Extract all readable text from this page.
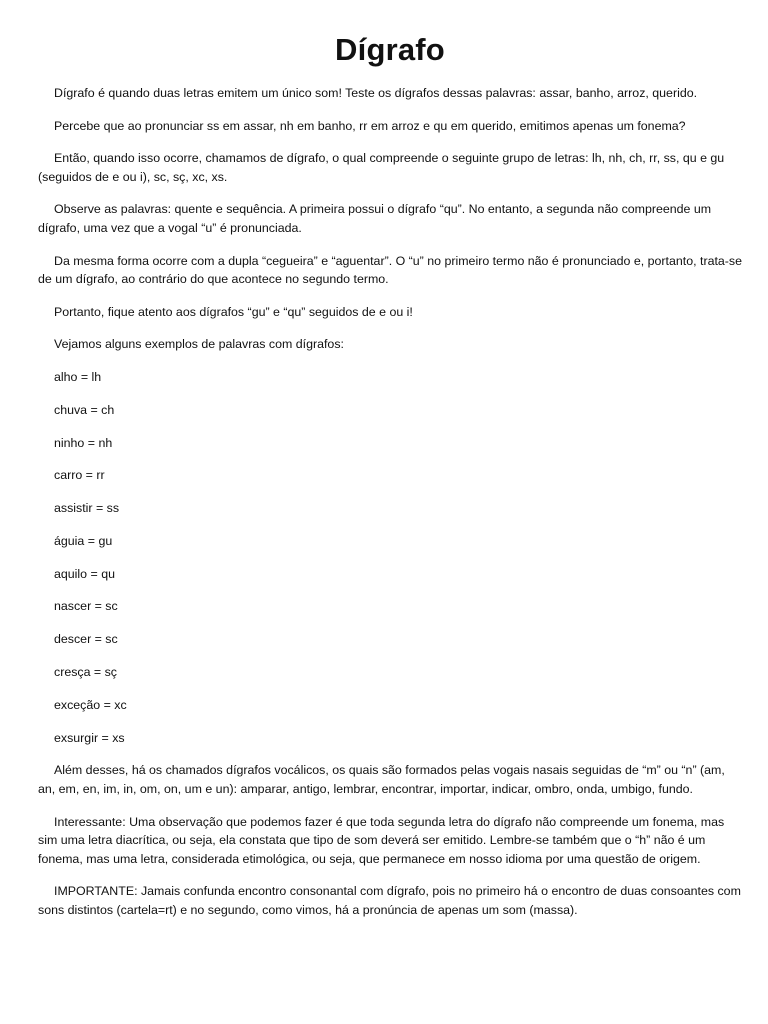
Dígrafo

Dígrafo é quando duas letras emitem um único som! Teste os dígrafos dessas palavras: assar, banho, arroz, querido.

Percebe que ao pronunciar ss em assar, nh em banho, rr em arroz e qu em querido, emitimos apenas um fonema?

Então, quando isso ocorre, chamamos de dígrafo, o qual compreende o seguinte grupo de letras: lh, nh, ch, rr, ss, qu e gu (seguidos de e ou i), sc, sç, xc, xs.

Observe as palavras: quente e sequência. A primeira possui o dígrafo “qu”. No entanto, a segunda não compreende um dígrafo, uma vez que a vogal “u” é pronunciada.

Da mesma forma ocorre com a dupla “cegueira” e “aguentar”. O “u” no primeiro termo não é pronunciado e, portanto, trata-se de um dígrafo, ao contrário do que acontece no segundo termo.

Portanto, fique atento aos dígrafos “gu” e “qu” seguidos de e ou i!

Vejamos alguns exemplos de palavras com dígrafos:

alho = lh
chuva = ch
ninho = nh
carro = rr
assistir = ss
águia = gu
aquilo = qu
nascer = sc
descer = sc
cresça = sç
exceção = xc
exsurgir = xs

Além desses, há os chamados dígrafos vocálicos, os quais são formados pelas vogais nasais seguidas de “m” ou “n” (am, an, em, en, im, in, om, on, um e un): amparar, antigo, lembrar, encontrar, importar, indicar, ombro, onda, umbigo, fundo.

Interessante: Uma observação que podemos fazer é que toda segunda letra do dígrafo não compreende um fonema, mas sim uma letra diacrítica, ou seja, ela constata que tipo de som deverá ser emitido. Lembre-se também que o “h” não é um fonema, mas uma letra, considerada etimológica, ou seja, que permanece em nosso idioma por uma questão de origem.

IMPORTANTE: Jamais confunda encontro consonantal com dígrafo, pois no primeiro há o encontro de duas consoantes com sons distintos (cartela=rt) e no segundo, como vimos, há a pronúncia de apenas um som (massa).
